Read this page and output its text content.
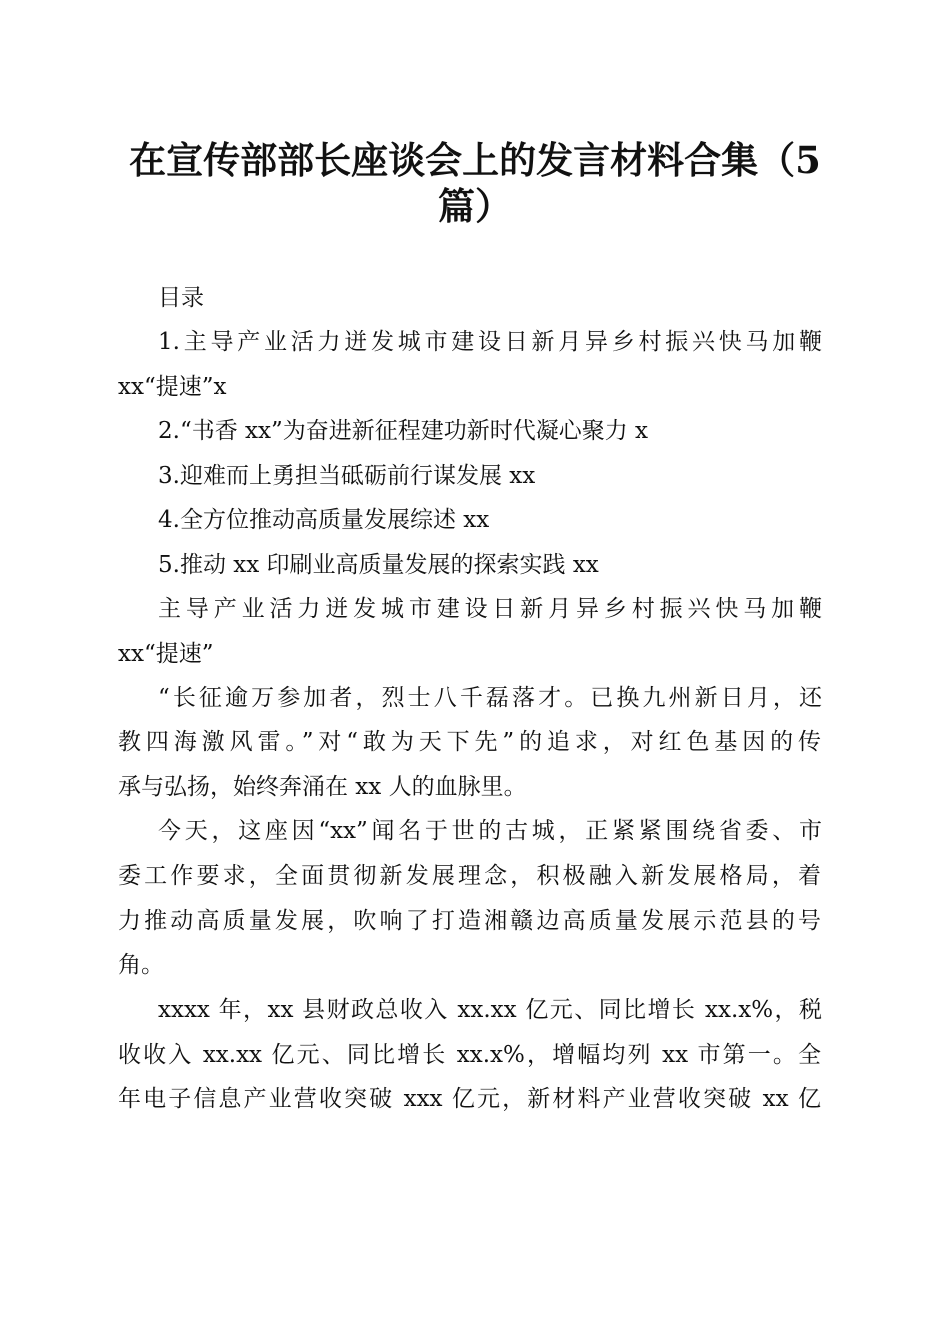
在宣传部部长座谈会上的发言材料合集（5
篇）

目录

1.主导产业活力迸发城市建设日新月异乡村振兴快马加鞭

xx“提速”x

2.“书香 xx”为奋进新征程建功新时代凝心聚力 x

3.迎难而上勇担当砥砺前行谋发展 xx

4.全方位推动高质量发展综述 xx

5.推动 xx 印刷业高质量发展的探索实践 xx

主导产业活力迸发城市建设日新月异乡村振兴快马加鞭

xx“提速”

“长征逾万参加者，烈士八千磊落才。已换九州新日月，还

教四海激风雷。”对“敢为天下先”的追求，对红色基因的传

承与弘扬，始终奔涌在 xx 人的血脉里。

今天，这座因“xx”闻名于世的古城，正紧紧围绕省委、市

委工作要求，全面贯彻新发展理念，积极融入新发展格局，着

力推动高质量发展，吹响了打造湘赣边高质量发展示范县的号

角。

xxxx 年，xx 县财政总收入 xx.xx 亿元、同比增长 xx.x%，税

收收入 xx.xx 亿元、同比增长 xx.x%，增幅均列 xx 市第一。全

年电子信息产业营收突破 xxx 亿元，新材料产业营收突破 xx 亿
